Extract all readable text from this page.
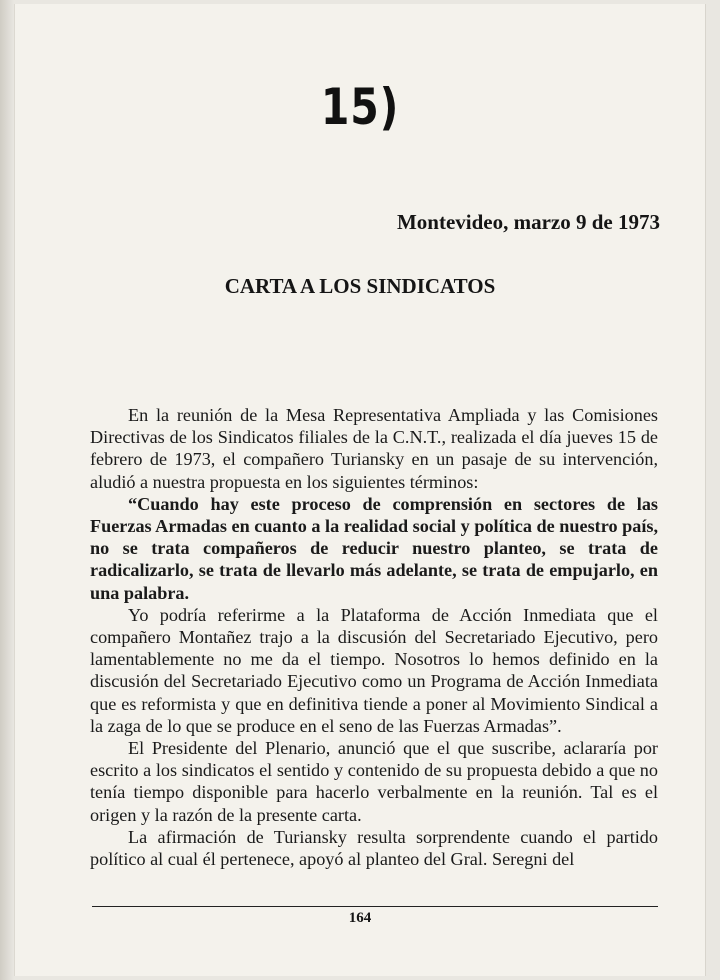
15)
Montevideo, marzo 9 de 1973
CARTA A LOS SINDICATOS

En la reunión de la Mesa Representativa Ampliada y las Comisiones Directivas de los Sindicatos filiales de la C.N.T., realizada el día jueves 15 de febrero de 1973, el compañero Turiansky en un pasaje de su intervención, aludió a nuestra propuesta en los siguientes términos:

“Cuando hay este proceso de comprensión en sectores de las Fuerzas Armadas en cuanto a la realidad social y política de nuestro país, no se trata compañeros de reducir nuestro planteo, se trata de radicalizarlo, se trata de llevarlo más adelante, se trata de empujarlo, en una palabra.

Yo podría referirme a la Plataforma de Acción Inmediata que el compañero Montañez trajo a la discusión del Secretariado Ejecutivo, pero lamentablemente no me da el tiempo. Nosotros lo hemos definido en la discusión del Secretariado Ejecutivo como un Programa de Acción Inmediata que es reformista y que en definitiva tiende a poner al Movimiento Sindical a la zaga de lo que se produce en el seno de las Fuerzas Armadas”.

El Presidente del Plenario, anunció que el que suscribe, aclararía por escrito a los sindicatos el sentido y contenido de su propuesta debido a que no tenía tiempo disponible para hacerlo verbalmente en la reunión. Tal es el origen y la razón de la presente carta.

La afirmación de Turiansky resulta sorprendente cuando el partido político al cual él pertenece, apoyó al planteo del Gral. Seregni del

164
